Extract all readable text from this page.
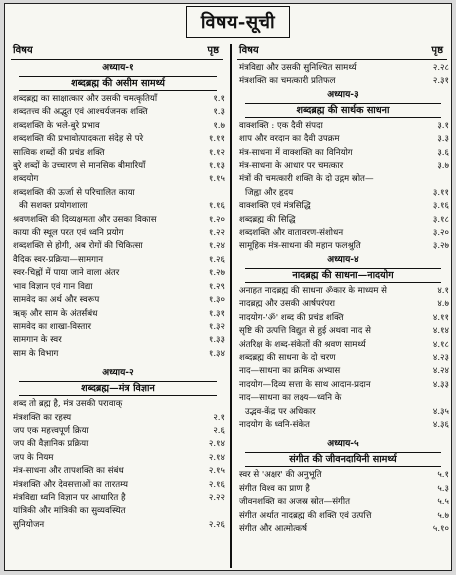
विषय-सूची
विषय	पृष्ठ
अध्याय-१
शब्दब्रह्म की असीम सामर्थ्य
शब्दब्रह्म का साक्षात्कार और उसकी चमत्कृतियाँ	१.१
शब्दतत्त्व की अद्भुत एवं आश्चर्यजनक शक्ति	१.३
शब्दशक्ति के भले-बुरे प्रभाव	१.७
शब्दशक्ति की प्रभावोत्पादकता संदेह से परे	१.११
सात्विक शब्दों की प्रचंड शक्ति	१.१२
बुरे शब्दों के उच्चारण से मानसिक बीमारियाँ	१.१३
शब्दयोग	१.१५
शब्दशक्ति की ऊर्जा से परिचालित काया
की सशक्त प्रयोगशाला	१.१६
श्रवणशक्ति की दिव्यक्षमता और उसका विकास	१.२०
काया की स्थूल परत एवं ध्वनि प्रयोग	१.२२
शब्दशक्ति से होगी, अब रोगों की चिकित्सा	१.२४
वैदिक स्वर-प्रक्रिया—सामगान	१.२६
स्वर-चिह्नों में पाया जाने वाला अंतर	१.२७
भाव विज्ञान एवं गान विद्या	१.२९
सामवेद का अर्थ और स्वरूप	१.३०
ऋक् और साम के अंतर्संबंध	१.३१
सामवेद का शाखा-विस्तार	१.३२
सामगान के स्वर	१.३३
साम के विभाग	१.३४
अध्याय-२
शब्दब्रह्म—मंत्र विज्ञान
शब्द तो ब्रह्म है, मंत्र उसकी परावाक्
मंत्रशक्ति का रहस्य	२.१
जप एक महत्त्वपूर्ण क्रिया	२.६
जप की वैज्ञानिक प्रक्रिया	२.१४
जप के नियम	२.१४
मंत्र-साधना और तापशक्ति का संबंध	२.१५
मंत्रशक्ति और देवसत्ताओं का तारतम्य	२.१६
मंत्रविद्या ध्वनि विज्ञान पर आधारित है	२.२२
यांत्रिकी और मांत्रिकी का सुव्यवस्थित
सुनियोजन	२.२६
विषय	पृष्ठ
मंत्रविद्या और उसकी सुनिश्चित सामर्थ्य	२.२८
मंत्रशक्ति का चमत्कारी प्रतिफल	२.३१
अध्याय-३
शब्दब्रह्म की सार्थक साधना
वाक्शक्ति : एक दैवी संपदा	३.१
शाप और वरदान का दैवी उपक्रम	३.३
मंत्र-साधना में वाक्शक्ति का विनियोग	३.६
मंत्र-साधना के आधार पर चमत्कार	३.७
मंत्रों की चमत्कारी शक्ति के दो उद्गम स्रोत—
जिह्वा और हृदय	३.११
वाक्शक्ति एवं मंत्रसिद्धि	३.१६
शब्दब्रह्म की सिद्धि	३.१८
शब्दशक्ति और वातावरण-संशोधन	३.२०
सामूहिक मंत्र-साधना की महान फलश्रुति	३.२७
अध्याय-४
नादब्रह्म की साधना—नादयोग
अनाहत नादब्रह्म की साधना ॐकार के माध्यम से	४.१
नादब्रह्म और उसकी आर्षपरंपरा	४.७
नादयोग-'ॐ' शब्द की प्रचंड शक्ति	४.११
सृष्टि की उत्पत्ति विद्युत से हुई अथवा नाद से	४.१४
अंतरिक्ष के शब्द-संकेतों की श्रवण सामर्थ्य	४.१८
शब्दब्रह्म की साधना के दो चरण	४.२३
नाद—साधना का क्रमिक अभ्यास	४.२४
नादयोग—दिव्य सत्ता के साथ आदान-प्रदान	४.३३
नाद—साधना का लक्ष्य—ध्वनि के
उद्भव-केंद्र पर अधिकार	४.३५
नादयोग के ध्वनि-संकेत	४.३६
अध्याय-५
संगीत की जीवनदायिनी सामर्थ्य
स्वर से 'अक्षर' की अनुभूति	५.१
संगीत विश्व का प्राण है	५.३
जीवनशक्ति का अजस्र स्रोत—संगीत	५.५
संगीत अर्थात नादब्रह्म की शक्ति एवं उत्पत्ति	५.७
संगीत और आत्मोत्कर्ष	५.१०
